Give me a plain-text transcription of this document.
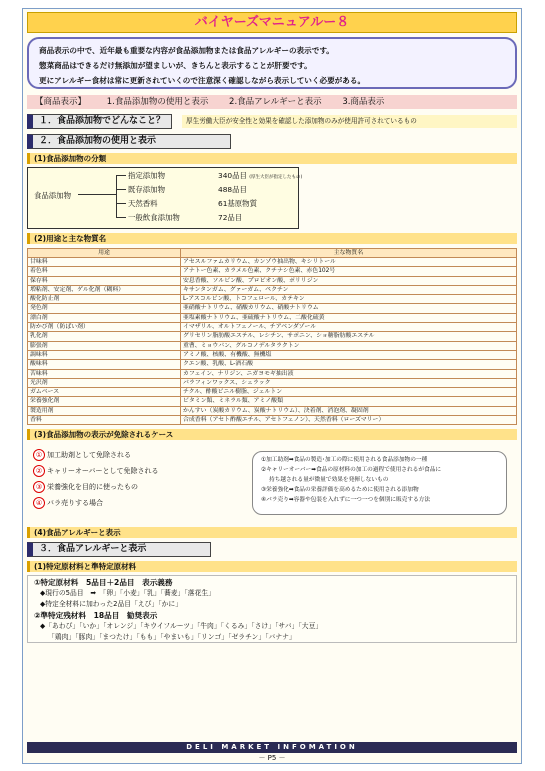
バイヤーズマニュアルー８
商品表示の中で、近年最も重要な内容が食品添加物または食品アレルギーの表示です。
惣菜商品はできるだけ無添加が望ましいが、きちんと表示することが肝要です。
更にアレルギー食材は常に更新されていくので注意深く確認しながら表示していく必要がある。
【商品表示】 1.食品添加物の使用と表示 2.食品アレルギーと表示 3.商品表示
１．食品添加物でどんなこと？	厚生労働大臣が安全性と効果を確認した添加物のみが使用許可されているもの
２．食品添加物の使用と表示
(1)食品添加物の分類
食品添加物
指定添加物	340品目 (厚生大臣が指定したもの)
既存添加物	488品目
天然香料	61基原物質
一般飲食添加物	72品目
(2)用途と主な物質名
用途	主な物質名
甘味料	アセスルファムカリウム、カンゾウ抽出物、キシリトール
着色料	アナトー色素、カラメル色素、クチナシ色素、赤色102号
保存料	安息香酸、ソルビン酸、プロピオン酸、ポリリジン
増粘剤、安定剤、ゲル化剤（糊料）	キサンタンガム、グァーガム、ペクチン
酸化防止剤	L-アスコルビン酸、トコフェロール、カテキン
発色剤	亜硝酸ナトリウム、硝酸カリウム、硝酸ナトリウム
漂白剤	亜塩素酸ナトリウム、亜硫酸ナトリウム、二酸化硫黄
防かび剤（防ばい剤）	イマザリル、オルトフェノール、チアベンダゾール
乳化剤	グリセリン脂肪酸エステル、レシチン、サポニン、ショ糖脂肪酸エステル
膨張剤	重曹、ミョウバン、グルコノデルタラクトン
調味料	アミノ酸、核酸、有機酸、無機塩
酸味料	クエン酸、乳酸、L-酒石酸
苦味料	カフェイン、ナリジン、ニガヨモギ抽出液
光沢剤	パラフィンワックス、シェラック
ガムベース	チクル、酢酸ビニル樹脂、ジェルトン
栄養強化剤	ビタミン類、ミネラル類、アミノ酸類
製造用剤	かんすい（炭酸カリウム、炭酸ナトリウム）、決着剤、消泡剤、凝固剤
香料	合成香料（アセト酢酸エチル、アセトフェノン）、天然香料（ローズマリー）
(3)食品添加物の表示が免除されるケース
① 加工助剤として免除される
② キャリーオーバーとして免除される
③ 栄養強化を目的に使ったもの
④ バラ売りする場合
①加工助剤➡食品の製造･加工の際に使用される食品添加物の一種
②キャリーオーバー➡食品の原材料の加工の過程で使用されるが食品に
持ち越される量が微量で効果を発揮しないもの
③栄養強化➡食品の栄養評価を高めるために使用される添加物
④バラ売り➡容器や包装を入れずに一つ一つを個別に販売する方法
(4)食品アレルギーと表示
３．食品アレルギーと表示
(1)特定原材料と準特定原材料
①特定原材料　5品目＋2品目　表示義務
◆現行の5品目　➡　「卵」「小麦」「乳」「蕎麦」「落花生」
◆特定全材料に加わった2品目「えび」「かに」
②準特定残材料　18品目　勧奨表示
◆「あわび」「いか」「オレンジ」「キウイフルーツ」「牛肉」「くるみ」「さけ」「サバ」「大豆」
「鶏肉」「豚肉」「まつたけ」「もも」「やまいも」「リンゴ」「ゼラチン」「バナナ」
DELI MARKET INFOMATION
－ P5 －
